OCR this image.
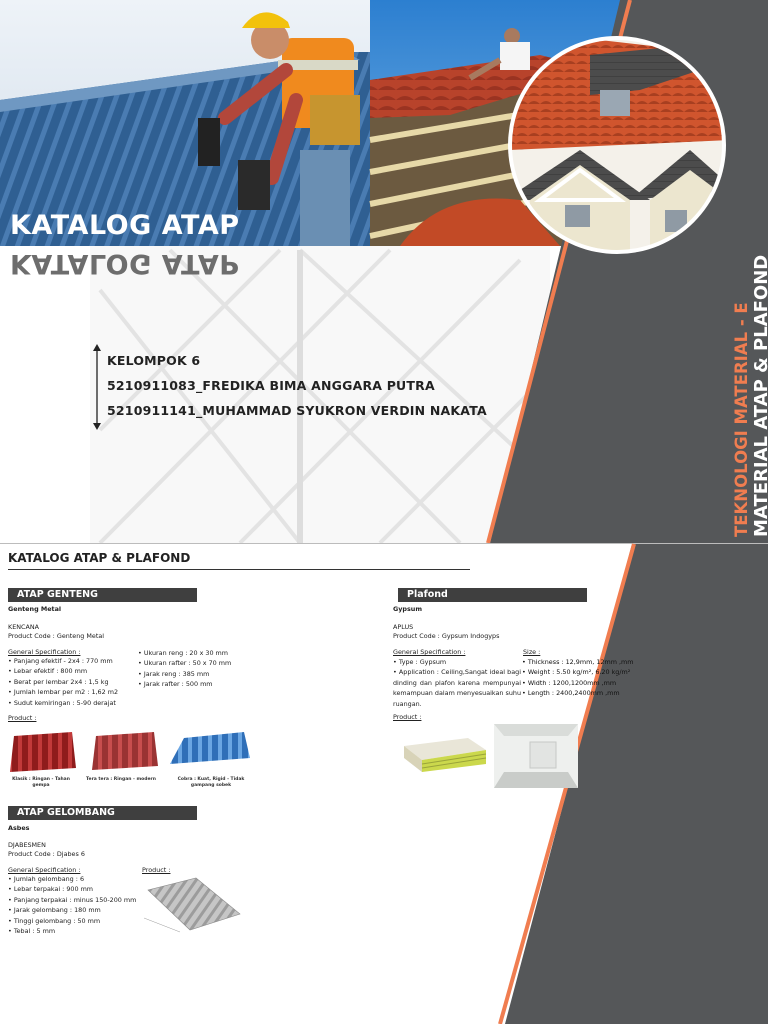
KATALOG ATAP

KATALOG ATAP

KELOMPOK 6

5210911083_FREDIKA BIMA ANGGARA PUTRA

5210911141_MUHAMMAD SYUKRON VERDIN NAKATA	TEKNOLOGI MATERIAL - E MATERIAL ATAP & PLAFOND

KATALOG ATAP & PLAFOND

ATAP GENTENG

Genteng Metal

KENCANA

Product Code : Genteng Metal

General Specification :

• Panjang efektif - 2x4 : 770 mm
• Lebar efektif : 800 mm
• Berat per lembar 2x4 : 1,5 kg
• Jumlah lembar per m2 : 1,62 m2
• Sudut kemiringan : 5-90 derajat
• Ukuran reng : 20 x 30 mm
• Ukuran rafter : 50 x 70 mm
• Jarak reng : 385 mm
• Jarak rafter : 500 mm

Product :

Klasik : Ringan - Tahan gempa
Tera tera : Ringan - modern	Cobra : Kuat, Rigid - Tidak gampang sobek
Plafond

Gypsum

APLUS

Product Code : Gypsum Indogyps

General Specification :

• Type : Gypsum
• Application : Ceiling,Sangat ideal bagi dinding dan plafon karena mempunyai kemampuan dalam menyesuaikan suhu ruangan.

Size :

• Thickness : 12,9mm, 12mm ,mm
• Weight : 5.50 kg/m², 6.20 kg/m²
• Width : 1200,1200mm ,mm
• Length : 2400,2400mm ,mm

Product :

ATAP GELOMBANG

Asbes

DJABESMEN

Product Code : Djabes 6

General Specification :

• Jumlah gelombang : 6
• Lebar terpakai : 900 mm
• Panjang terpakai : minus 150-200 mm
• Jarak gelombang : 180 mm
• Tinggi gelombang : 50 mm
• Tebal : 5 mm

Product :
